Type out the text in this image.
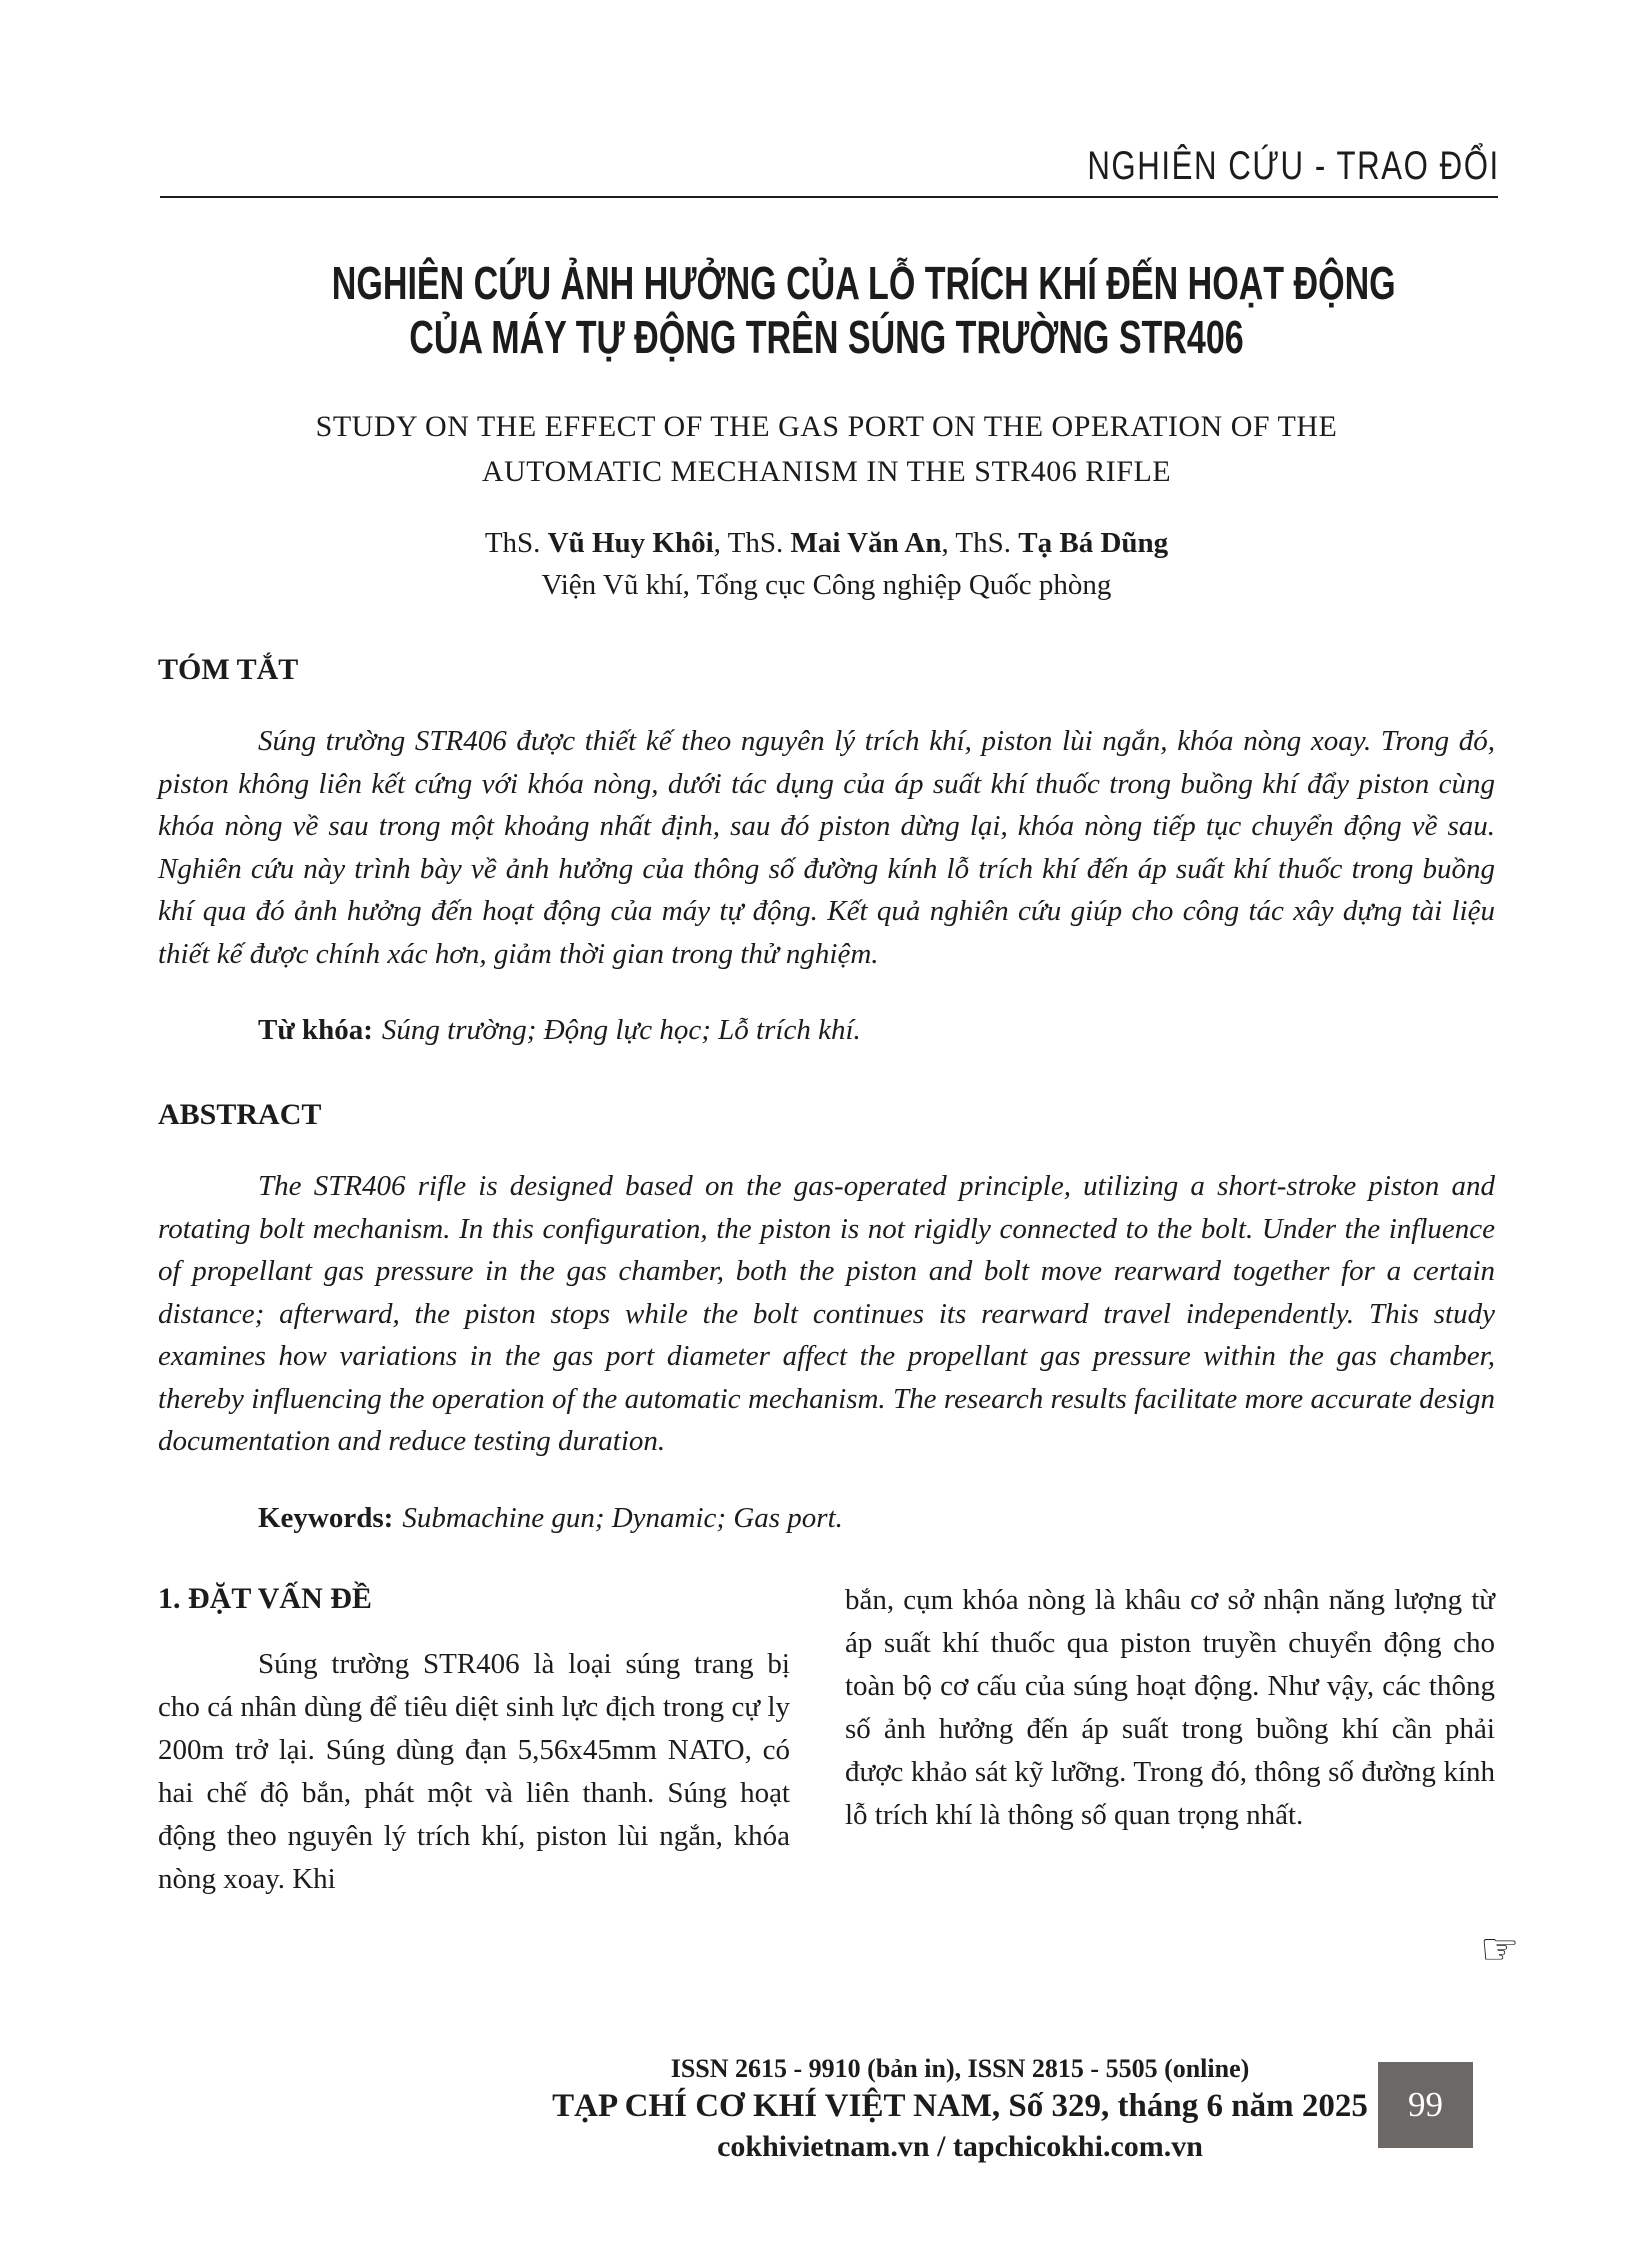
NGHIÊN CỨU - TRAO ĐỔI
NGHIÊN CỨU ẢNH HƯỞNG CỦA LỖ TRÍCH KHÍ ĐẾN HOẠT ĐỘNG
CỦA MÁY TỰ ĐỘNG TRÊN SÚNG TRƯỜNG STR406
STUDY ON THE EFFECT OF THE GAS PORT ON THE OPERATION OF THE
AUTOMATIC MECHANISM IN THE STR406 RIFLE
ThS. Vũ Huy Khôi, ThS. Mai Văn An, ThS. Tạ Bá Dũng
Viện Vũ khí, Tổng cục Công nghiệp Quốc phòng
TÓM TẮT

Súng trường STR406 được thiết kế theo nguyên lý trích khí, piston lùi ngắn, khóa nòng xoay. Trong đó, piston không liên kết cứng với khóa nòng, dưới tác dụng của áp suất khí thuốc trong buồng khí đẩy piston cùng khóa nòng về sau trong một khoảng nhất định, sau đó piston dừng lại, khóa nòng tiếp tục chuyển động về sau. Nghiên cứu này trình bày về ảnh hưởng của thông số đường kính lỗ trích khí đến áp suất khí thuốc trong buồng khí qua đó ảnh hưởng đến hoạt động của máy tự động. Kết quả nghiên cứu giúp cho công tác xây dựng tài liệu thiết kế được chính xác hơn, giảm thời gian trong thử nghiệm.

Từ khóa: Súng trường; Động lực học; Lỗ trích khí.

ABSTRACT

The STR406 rifle is designed based on the gas-operated principle, utilizing a short-stroke piston and rotating bolt mechanism. In this configuration, the piston is not rigidly connected to the bolt. Under the influence of propellant gas pressure in the gas chamber, both the piston and bolt move rearward together for a certain distance; afterward, the piston stops while the bolt continues its rearward travel independently. This study examines how variations in the gas port diameter affect the propellant gas pressure within the gas chamber, thereby influencing the operation of the automatic mechanism. The research results facilitate more accurate design documentation and reduce testing duration.

Keywords: Submachine gun; Dynamic; Gas port.

1. ĐẶT VẤN ĐỀ

Súng trường STR406 là loại súng trang bị cho cá nhân dùng để tiêu diệt sinh lực địch trong cự ly 200m trở lại. Súng dùng đạn 5,56x45mm NATO, có hai chế độ bắn, phát một và liên thanh. Súng hoạt động theo nguyên lý trích khí, piston lùi ngắn, khóa nòng xoay. Khi

bắn, cụm khóa nòng là khâu cơ sở nhận năng lượng từ áp suất khí thuốc qua piston truyền chuyển động cho toàn bộ cơ cấu của súng hoạt động. Như vậy, các thông số ảnh hưởng đến áp suất trong buồng khí cần phải được khảo sát kỹ lưỡng. Trong đó, thông số đường kính lỗ trích khí là thông số quan trọng nhất.

☞
ISSN 2615 - 9910 (bản in), ISSN 2815 - 5505 (online)
TẠP CHÍ CƠ KHÍ VIỆT NAM, Số 329, tháng 6 năm 2025
cokhivietnam.vn / tapchicokhi.com.vn
99
